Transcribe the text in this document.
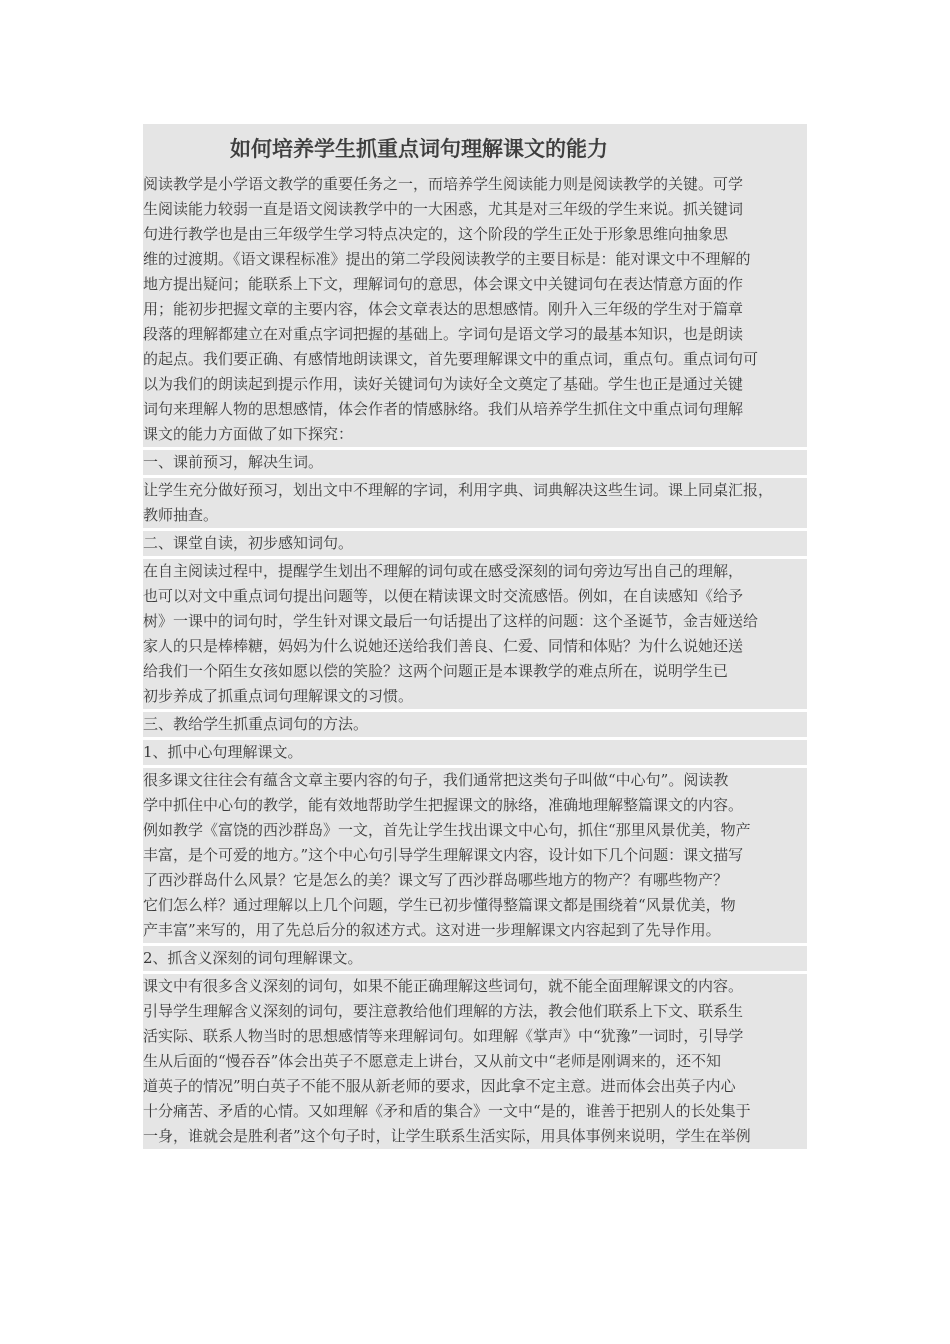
如何培养学生抓重点词句理解课文的能力

阅读教学是小学语文教学的重要任务之一，而培养学生阅读能力则是阅读教学的关键。可学
生阅读能力较弱一直是语文阅读教学中的一大困惑，尤其是对三年级的学生来说。抓关键词
句进行教学也是由三年级学生学习特点决定的，这个阶段的学生正处于形象思维向抽象思
维的过渡期。《语文课程标准》提出的第二学段阅读教学的主要目标是：能对课文中不理解的
地方提出疑问；能联系上下文，理解词句的意思，体会课文中关键词句在表达情意方面的作
用；能初步把握文章的主要内容，体会文章表达的思想感情。刚升入三年级的学生对于篇章
段落的理解都建立在对重点字词把握的基础上。字词句是语文学习的最基本知识，也是朗读
的起点。我们要正确、有感情地朗读课文，首先要理解课文中的重点词，重点句。重点词句可
以为我们的朗读起到提示作用，读好关键词句为读好全文奠定了基础。学生也正是通过关键
词句来理解人物的思想感情，体会作者的情感脉络。我们从培养学生抓住文中重点词句理解
课文的能力方面做了如下探究：

一、课前预习，解决生词。

让学生充分做好预习，划出文中不理解的字词，利用字典、词典解决这些生词。课上同桌汇报，
教师抽查。

二、课堂自读，初步感知词句。

在自主阅读过程中，提醒学生划出不理解的词句或在感受深刻的词句旁边写出自己的理解，
也可以对文中重点词句提出问题等，以便在精读课文时交流感悟。例如，在自读感知《给予
树》一课中的词句时，学生针对课文最后一句话提出了这样的问题：这个圣诞节，金吉娅送给
家人的只是棒棒糖，妈妈为什么说她还送给我们善良、仁爱、同情和体贴？为什么说她还送
给我们一个陌生女孩如愿以偿的笑脸？这两个问题正是本课教学的难点所在，说明学生已
初步养成了抓重点词句理解课文的习惯。

三、教给学生抓重点词句的方法。

1、抓中心句理解课文。

很多课文往往会有蕴含文章主要内容的句子，我们通常把这类句子叫做“中心句”。阅读教
学中抓住中心句的教学，能有效地帮助学生把握课文的脉络，准确地理解整篇课文的内容。
例如教学《富饶的西沙群岛》一文，首先让学生找出课文中心句，抓住“那里风景优美，物产
丰富，是个可爱的地方。”这个中心句引导学生理解课文内容，设计如下几个问题：课文描写
了西沙群岛什么风景？它是怎么的美？课文写了西沙群岛哪些地方的物产？有哪些物产？
它们怎么样？通过理解以上几个问题，学生已初步懂得整篇课文都是围绕着“风景优美，物
产丰富”来写的，用了先总后分的叙述方式。这对进一步理解课文内容起到了先导作用。

2、抓含义深刻的词句理解课文。

课文中有很多含义深刻的词句，如果不能正确理解这些词句，就不能全面理解课文的内容。
引导学生理解含义深刻的词句，要注意教给他们理解的方法，教会他们联系上下文、联系生
活实际、联系人物当时的思想感情等来理解词句。如理解《掌声》中“犹豫”一词时，引导学
生从后面的“慢吞吞”体会出英子不愿意走上讲台，又从前文中“老师是刚调来的，还不知
道英子的情况”明白英子不能不服从新老师的要求，因此拿不定主意。进而体会出英子内心
十分痛苦、矛盾的心情。又如理解《矛和盾的集合》一文中“是的，谁善于把别人的长处集于
一身，谁就会是胜利者”这个句子时，让学生联系生活实际，用具体事例来说明，学生在举例
